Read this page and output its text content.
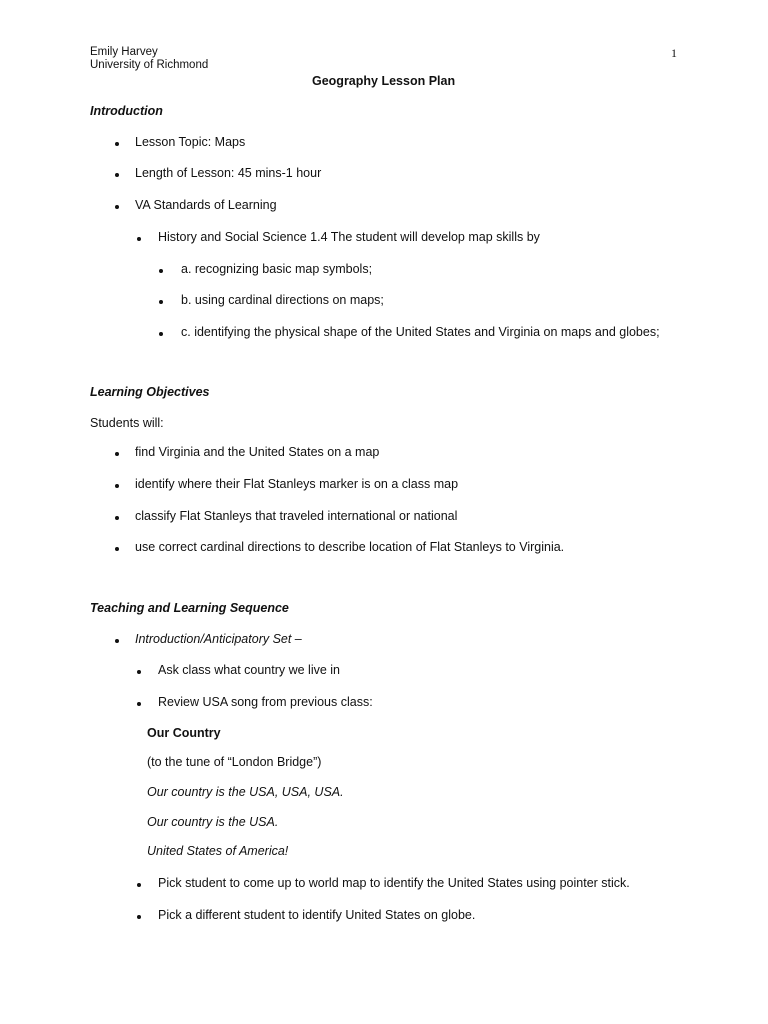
Emily Harvey
University of Richmond
1
Geography Lesson Plan
Introduction
Lesson Topic: Maps
Length of Lesson: 45 mins-1 hour
VA Standards of Learning
History and Social Science 1.4 The student will develop map skills by
a. recognizing basic map symbols;
b. using cardinal directions on maps;
c. identifying the physical shape of the United States and Virginia on maps and globes;
Learning Objectives
Students will:
find Virginia and the United States on a map
identify where their Flat Stanleys marker is on a class map
classify Flat Stanleys that traveled international or national
use correct cardinal directions to describe location of Flat Stanleys to Virginia.
Teaching and Learning Sequence
Introduction/Anticipatory Set –
Ask class what country we live in
Review USA song from previous class:
Our Country
(to the tune of “London Bridge”)
Our country is the USA, USA, USA.
Our country is the USA.
United States of America!
Pick student to come up to world map to identify the United States using pointer stick.
Pick a different student to identify United States on globe.
